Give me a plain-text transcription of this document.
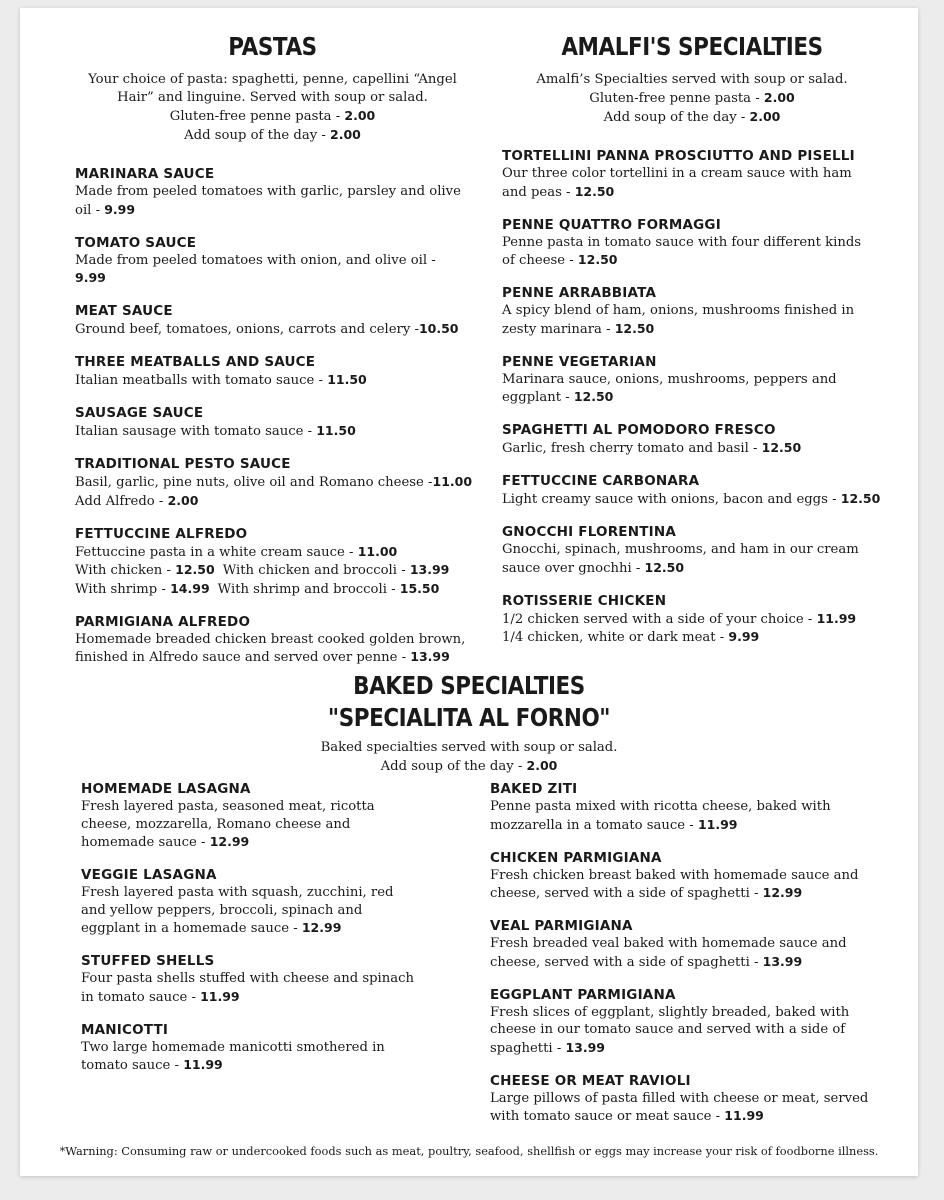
PASTAS
Your choice of pasta: spaghetti, penne, capellini “Angel
Hair” and linguine. Served with soup or salad.
Gluten-free penne pasta - 2.00
Add soup of the day - 2.00
MARINARA SAUCE
Made from peeled tomatoes with garlic, parsley and olive
oil - 9.99
TOMATO SAUCE
Made from peeled tomatoes with onion, and olive oil -
9.99
MEAT SAUCE
Ground beef, tomatoes, onions, carrots and celery -10.50
THREE MEATBALLS AND SAUCE
Italian meatballs with tomato sauce - 11.50
SAUSAGE SAUCE
Italian sausage with tomato sauce - 11.50
TRADITIONAL PESTO SAUCE
Basil, garlic, pine nuts, olive oil and Romano cheese -11.00
Add Alfredo - 2.00
FETTUCCINE ALFREDO
Fettuccine pasta in a white cream sauce - 11.00
With chicken - 12.50 With chicken and broccoli - 13.99
With shrimp - 14.99 With shrimp and broccoli - 15.50
PARMIGIANA ALFREDO
Homemade breaded chicken breast cooked golden brown,
finished in Alfredo sauce and served over penne - 13.99
AMALFI'S SPECIALTIES
Amalfi’s Specialties served with soup or salad.
Gluten-free penne pasta - 2.00
Add soup of the day - 2.00
TORTELLINI PANNA PROSCIUTTO AND PISELLI
Our three color tortellini in a cream sauce with ham
and peas - 12.50
PENNE QUATTRO FORMAGGI
Penne pasta in tomato sauce with four different kinds
of cheese - 12.50
PENNE ARRABBIATA
A spicy blend of ham, onions, mushrooms finished in
zesty marinara - 12.50
PENNE VEGETARIAN
Marinara sauce, onions, mushrooms, peppers and
eggplant - 12.50
SPAGHETTI AL POMODORO FRESCO
Garlic, fresh cherry tomato and basil - 12.50
FETTUCCINE CARBONARA
Light creamy sauce with onions, bacon and eggs - 12.50
GNOCCHI FLORENTINA
Gnocchi, spinach, mushrooms, and ham in our cream
sauce over gnochhi - 12.50
ROTISSERIE CHICKEN
1/2 chicken served with a side of your choice - 11.99
1/4 chicken, white or dark meat - 9.99
BAKED SPECIALTIES
"SPECIALITA AL FORNO"
Baked specialties served with soup or salad.
Add soup of the day - 2.00
HOMEMADE LASAGNA
Fresh layered pasta, seasoned meat, ricotta
cheese, mozzarella, Romano cheese and
homemade sauce - 12.99
VEGGIE LASAGNA
Fresh layered pasta with squash, zucchini, red
and yellow peppers, broccoli, spinach and
eggplant in a homemade sauce - 12.99
STUFFED SHELLS
Four pasta shells stuffed with cheese and spinach
in tomato sauce - 11.99
MANICOTTI
Two large homemade manicotti smothered in
tomato sauce - 11.99
BAKED ZITI
Penne pasta mixed with ricotta cheese, baked with
mozzarella in a tomato sauce - 11.99
CHICKEN PARMIGIANA
Fresh chicken breast baked with homemade sauce and
cheese, served with a side of spaghetti - 12.99
VEAL PARMIGIANA
Fresh breaded veal baked with homemade sauce and
cheese, served with a side of spaghetti - 13.99
EGGPLANT PARMIGIANA
Fresh slices of eggplant, slightly breaded, baked with
cheese in our tomato sauce and served with a side of
spaghetti - 13.99
CHEESE OR MEAT RAVIOLI
Large pillows of pasta filled with cheese or meat, served
with tomato sauce or meat sauce - 11.99
*Warning: Consuming raw or undercooked foods such as meat, poultry, seafood, shellfish or eggs may increase your risk of foodborne illness.
